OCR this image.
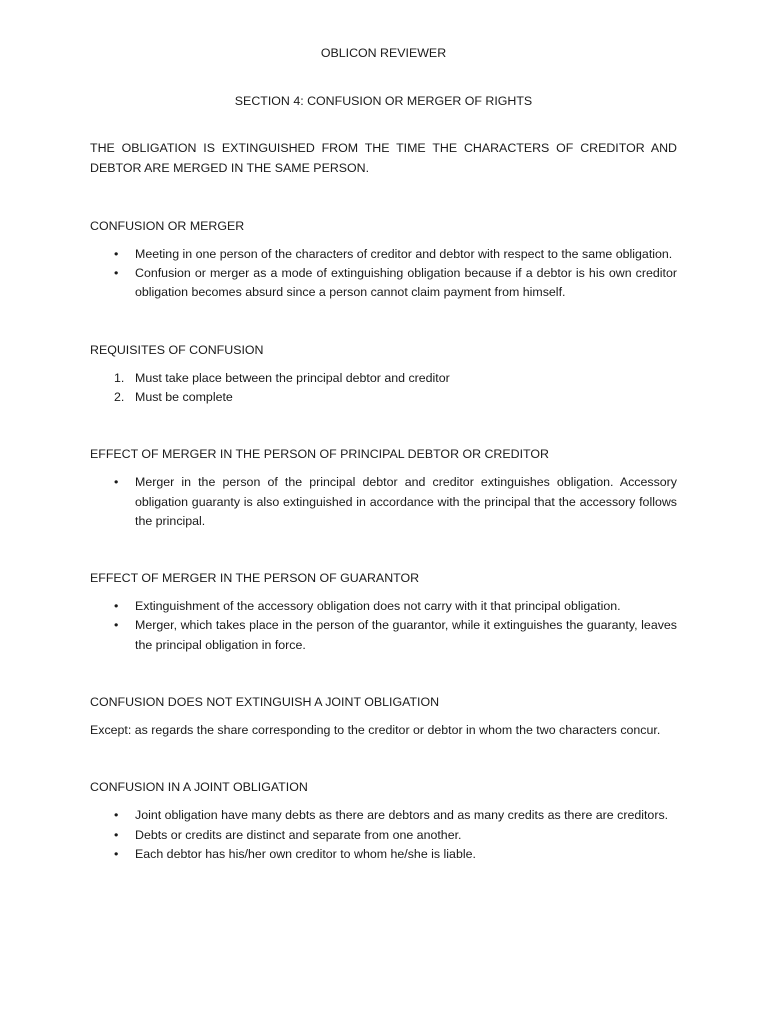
OBLICON REVIEWER

SECTION 4: CONFUSION OR MERGER OF RIGHTS

THE OBLIGATION IS EXTINGUISHED FROM THE TIME THE CHARACTERS OF CREDITOR AND DEBTOR ARE MERGED IN THE SAME PERSON.

CONFUSION OR MERGER

• Meeting in one person of the characters of creditor and debtor with respect to the same obligation.
• Confusion or merger as a mode of extinguishing obligation because if a debtor is his own creditor obligation becomes absurd since a person cannot claim payment from himself.

REQUISITES OF CONFUSION

1. Must take place between the principal debtor and creditor
2. Must be complete

EFFECT OF MERGER IN THE PERSON OF PRINCIPAL DEBTOR OR CREDITOR

• Merger in the person of the principal debtor and creditor extinguishes obligation. Accessory obligation guaranty is also extinguished in accordance with the principal that the accessory follows the principal.

EFFECT OF MERGER IN THE PERSON OF GUARANTOR

• Extinguishment of the accessory obligation does not carry with it that principal obligation.
• Merger, which takes place in the person of the guarantor, while it extinguishes the guaranty, leaves the principal obligation in force.

CONFUSION DOES NOT EXTINGUISH A JOINT OBLIGATION

Except: as regards the share corresponding to the creditor or debtor in whom the two characters concur.

CONFUSION IN A JOINT OBLIGATION

• Joint obligation have many debts as there are debtors and as many credits as there are creditors.
• Debts or credits are distinct and separate from one another.
• Each debtor has his/her own creditor to whom he/she is liable.
